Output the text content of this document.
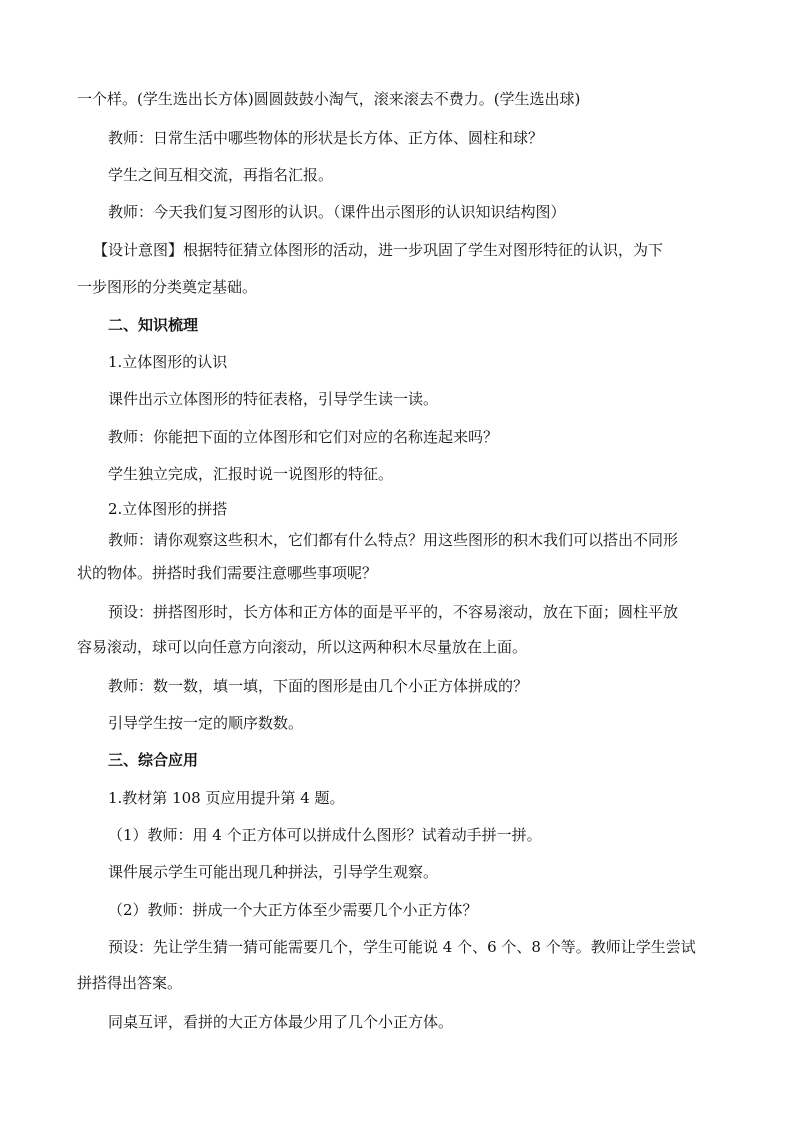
一个样。(学生选出长方体)圆圆鼓鼓小淘气，滚来滚去不费力。(学生选出球)
教师：日常生活中哪些物体的形状是长方体、正方体、圆柱和球？
学生之间互相交流，再指名汇报。
教师：今天我们复习图形的认识。（课件出示图形的认识知识结构图）
【设计意图】根据特征猜立体图形的活动，进一步巩固了学生对图形特征的认识，为下
一步图形的分类奠定基础。
二、知识梳理
1.立体图形的认识
课件出示立体图形的特征表格，引导学生读一读。
教师：你能把下面的立体图形和它们对应的名称连起来吗？
学生独立完成，汇报时说一说图形的特征。
2.立体图形的拼搭
教师：请你观察这些积木，它们都有什么特点？用这些图形的积木我们可以搭出不同形
状的物体。拼搭时我们需要注意哪些事项呢？
预设：拼搭图形时，长方体和正方体的面是平平的，不容易滚动，放在下面；圆柱平放
容易滚动，球可以向任意方向滚动，所以这两种积木尽量放在上面。
教师：数一数，填一填，下面的图形是由几个小正方体拼成的？
引导学生按一定的顺序数数。
三、综合应用
1.教材第 108 页应用提升第 4 题。
（1）教师：用 4 个正方体可以拼成什么图形？试着动手拼一拼。
课件展示学生可能出现几种拼法，引导学生观察。
（2）教师：拼成一个大正方体至少需要几个小正方体？
预设：先让学生猜一猜可能需要几个，学生可能说 4 个、6 个、8 个等。教师让学生尝试
拼搭得出答案。
同桌互评，看拼的大正方体最少用了几个小正方体。
